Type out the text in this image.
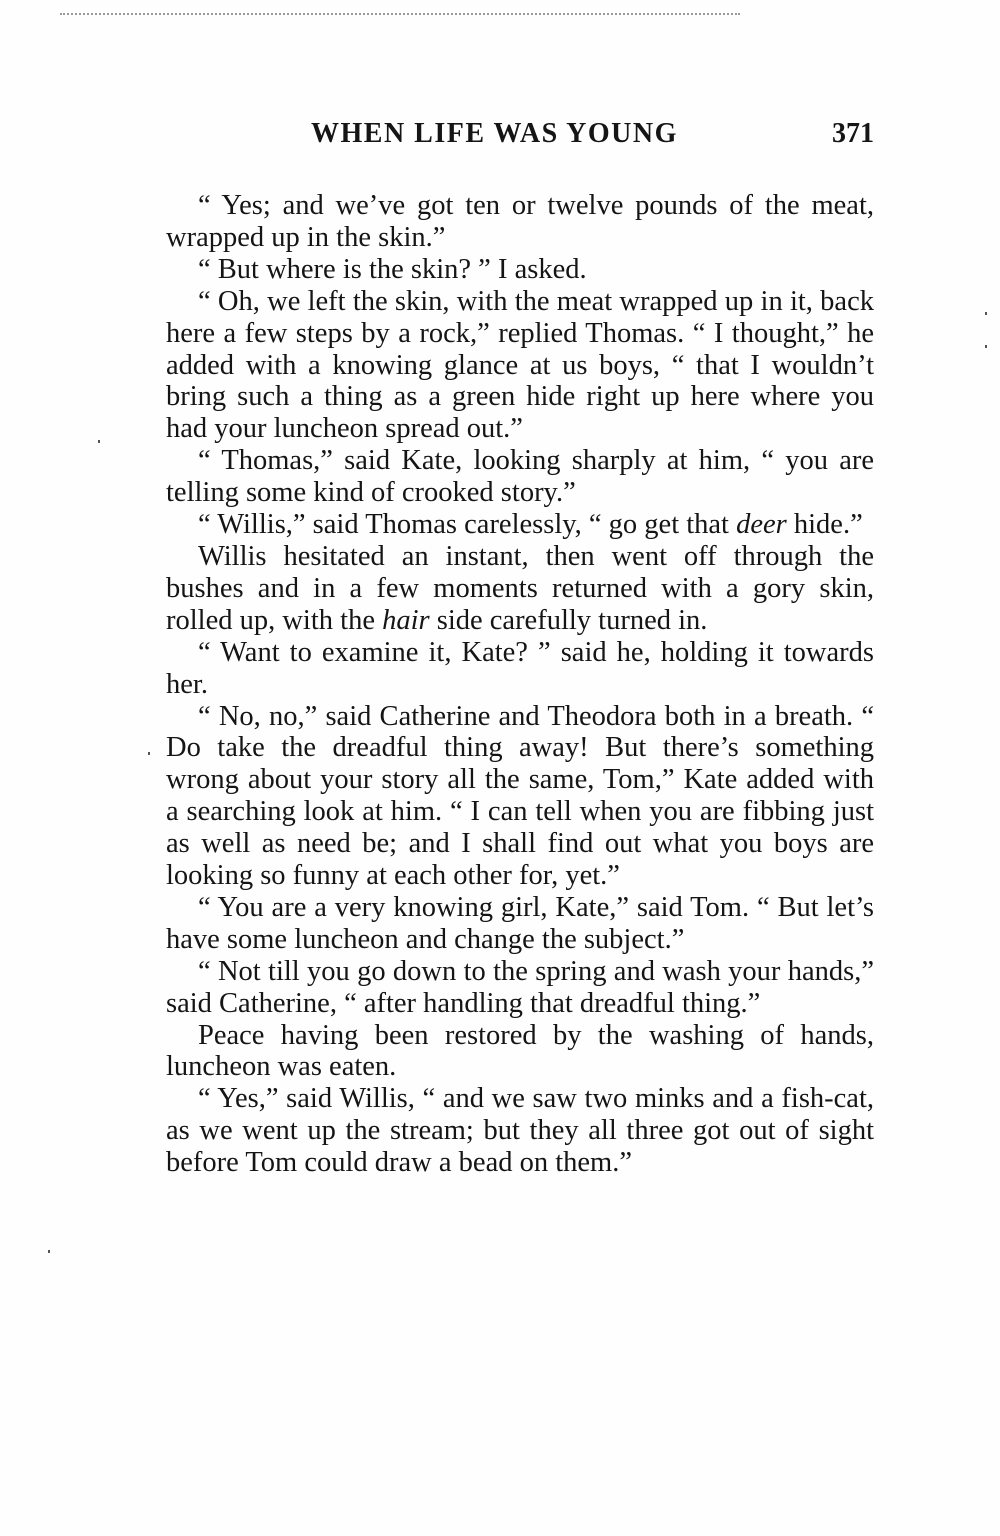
WHEN LIFE WAS YOUNG	371

“ Yes; and we’ve got ten or twelve pounds of the meat, wrapped up in the skin.”

“ But where is the skin? ” I asked.

“ Oh, we left the skin, with the meat wrapped up in it, back here a few steps by a rock,” replied Thomas. “ I thought,” he added with a knowing glance at us boys, “ that I wouldn’t bring such a thing as a green hide right up here where you had your luncheon spread out.”

“ Thomas,” said Kate, looking sharply at him, “ you are telling some kind of crooked story.”

“ Willis,” said Thomas carelessly, “ go get that deer hide.”

Willis hesitated an instant, then went off through the bushes and in a few moments returned with a gory skin, rolled up, with the hair side carefully turned in.

“ Want to examine it, Kate? ” said he, holding it towards her.

“ No, no,” said Catherine and Theodora both in a breath. “ Do take the dreadful thing away! But there’s something wrong about your story all the same, Tom,” Kate added with a searching look at him. “ I can tell when you are fibbing just as well as need be; and I shall find out what you boys are looking so funny at each other for, yet.”

“ You are a very knowing girl, Kate,” said Tom. “ But let’s have some luncheon and change the subject.”

“ Not till you go down to the spring and wash your hands,” said Catherine, “ after handling that dreadful thing.”

Peace having been restored by the washing of hands, luncheon was eaten.

“ Yes,” said Willis, “ and we saw two minks and a fish-cat, as we went up the stream; but they all three got out of sight before Tom could draw a bead on them.”
